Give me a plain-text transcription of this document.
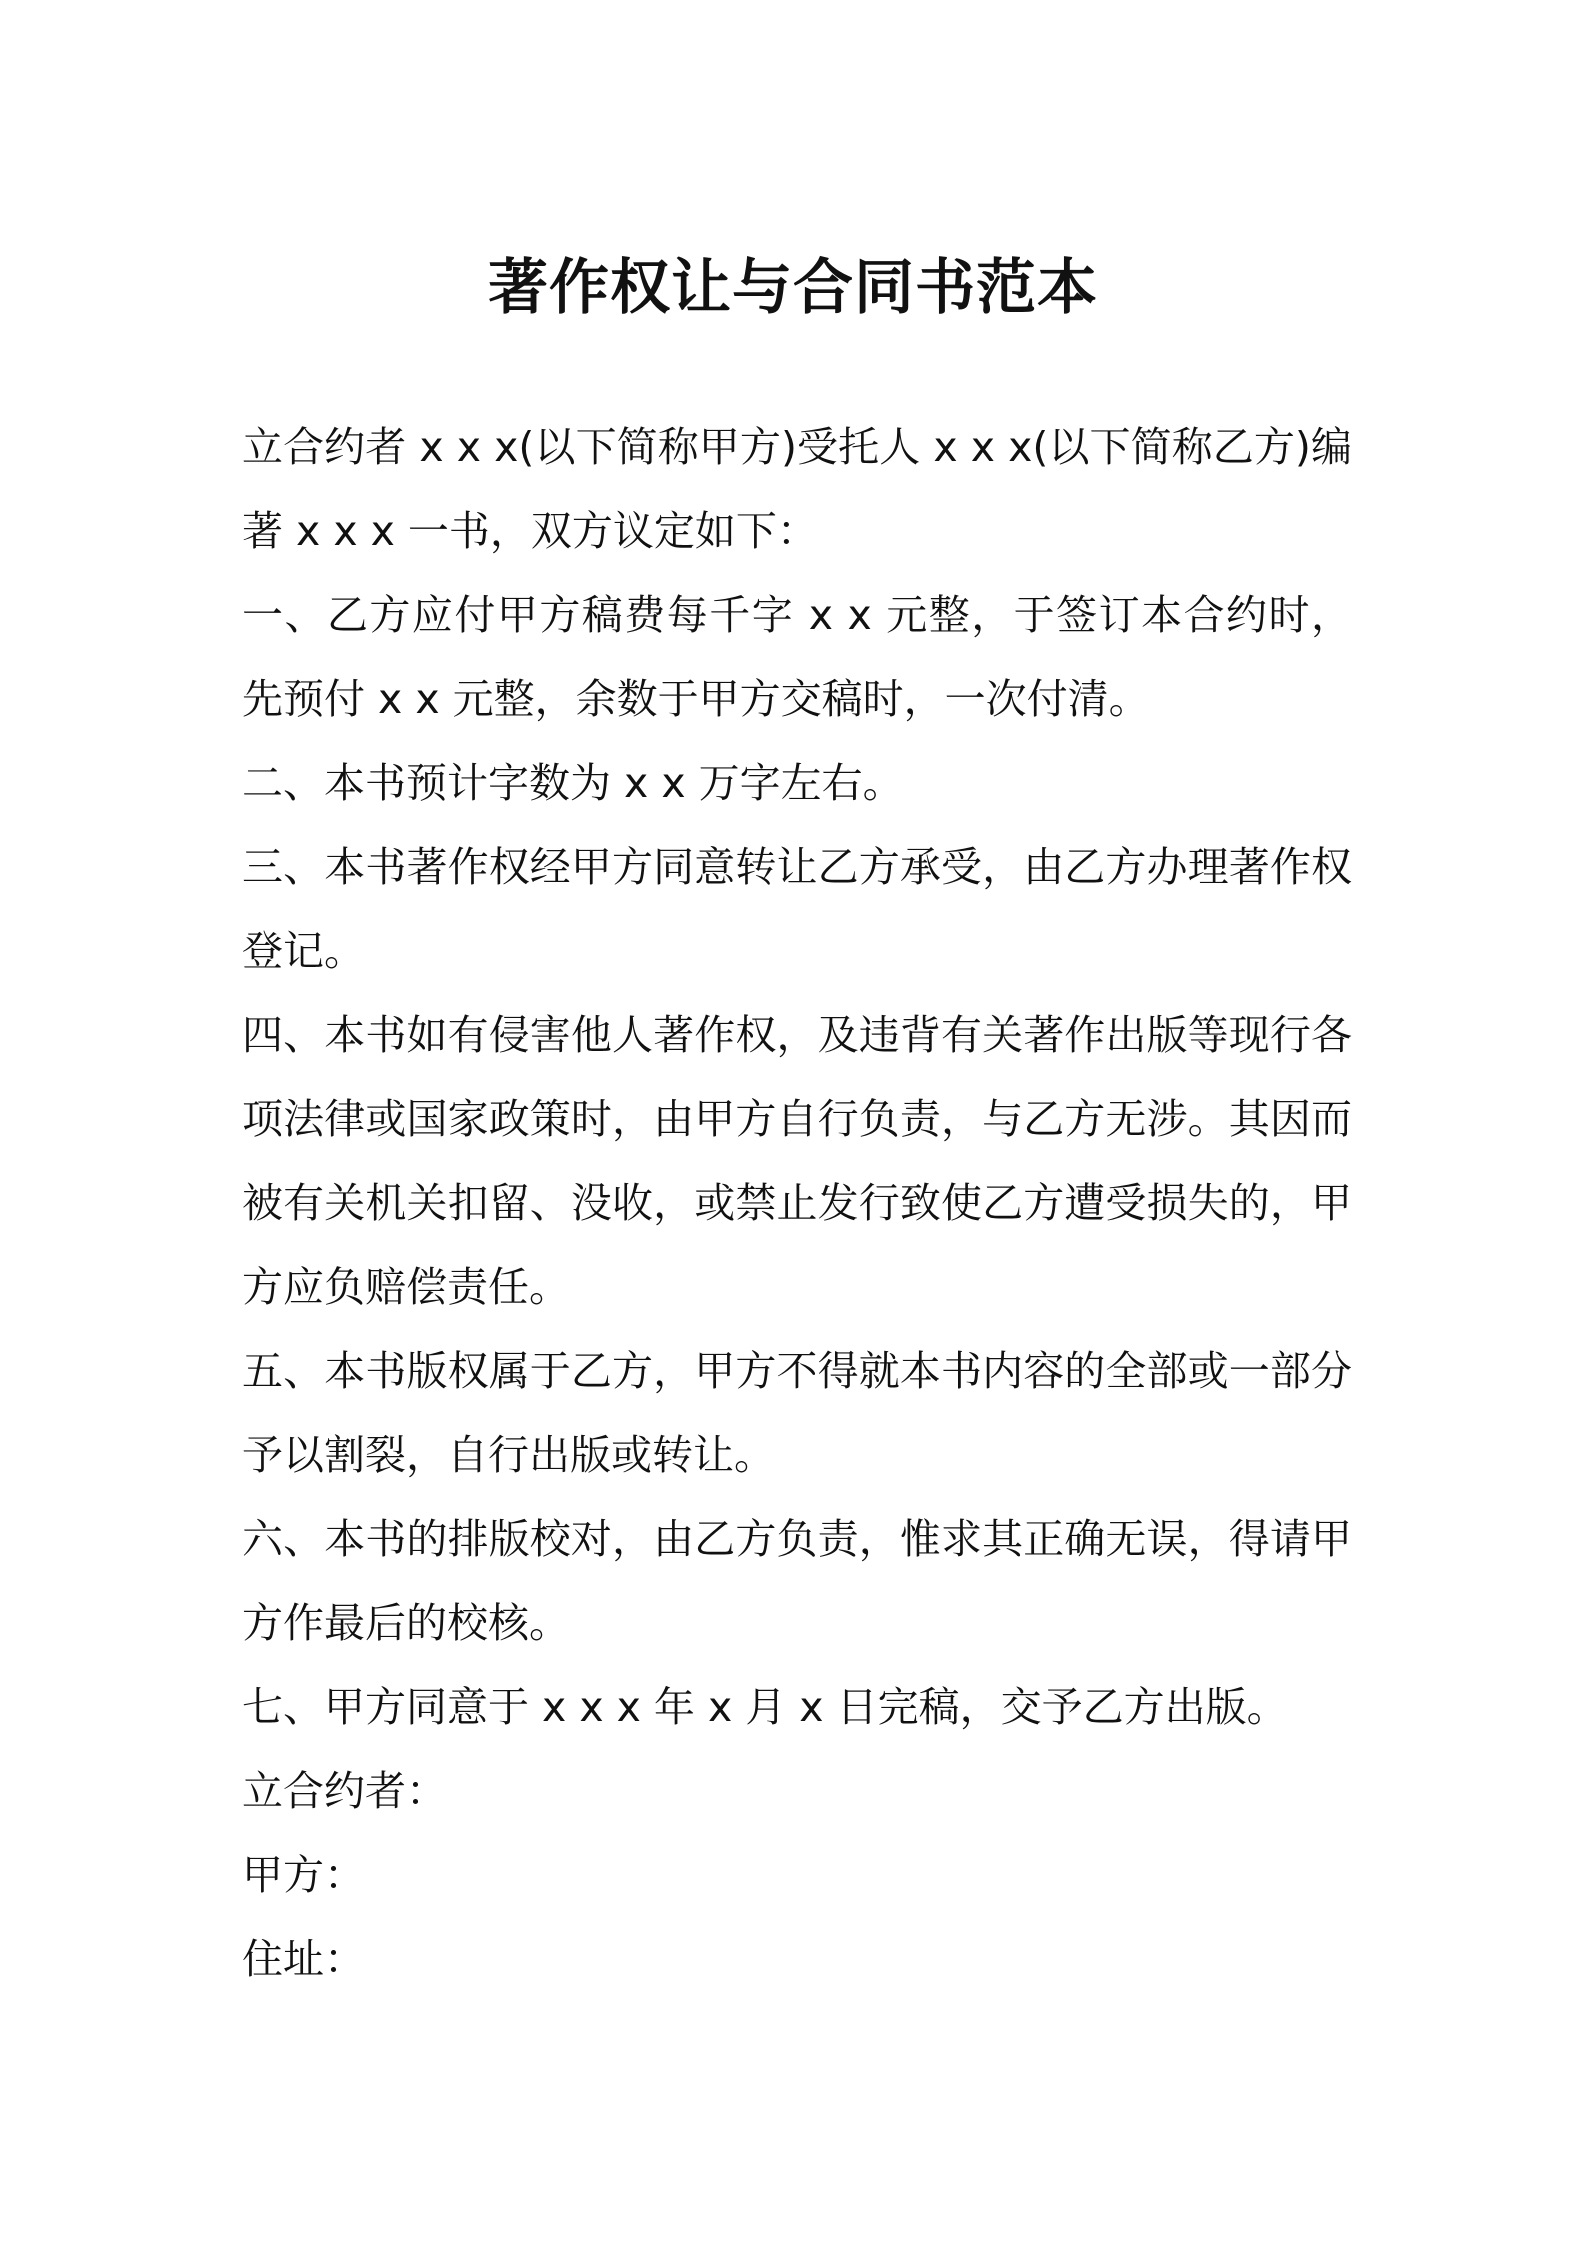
著作权让与合同书范本

立合约者 x x x(以下简称甲方)受托人 x x x(以下简称乙方)编著 x x x 一书，双方议定如下：

一、乙方应付甲方稿费每千字 x x 元整，于签订本合约时，先预付 x x 元整，余数于甲方交稿时，一次付清。

二、本书预计字数为 x x 万字左右。

三、本书著作权经甲方同意转让乙方承受，由乙方办理著作权登记。

四、本书如有侵害他人著作权，及违背有关著作出版等现行各项法律或国家政策时，由甲方自行负责，与乙方无涉。其因而被有关机关扣留、没收，或禁止发行致使乙方遭受损失的，甲方应负赔偿责任。

五、本书版权属于乙方，甲方不得就本书内容的全部或一部分予以割裂，自行出版或转让。

六、本书的排版校对，由乙方负责，惟求其正确无误，得请甲方作最后的校核。

七、甲方同意于 x x x 年 x 月 x 日完稿，交予乙方出版。

立合约者：

甲方：

住址：
